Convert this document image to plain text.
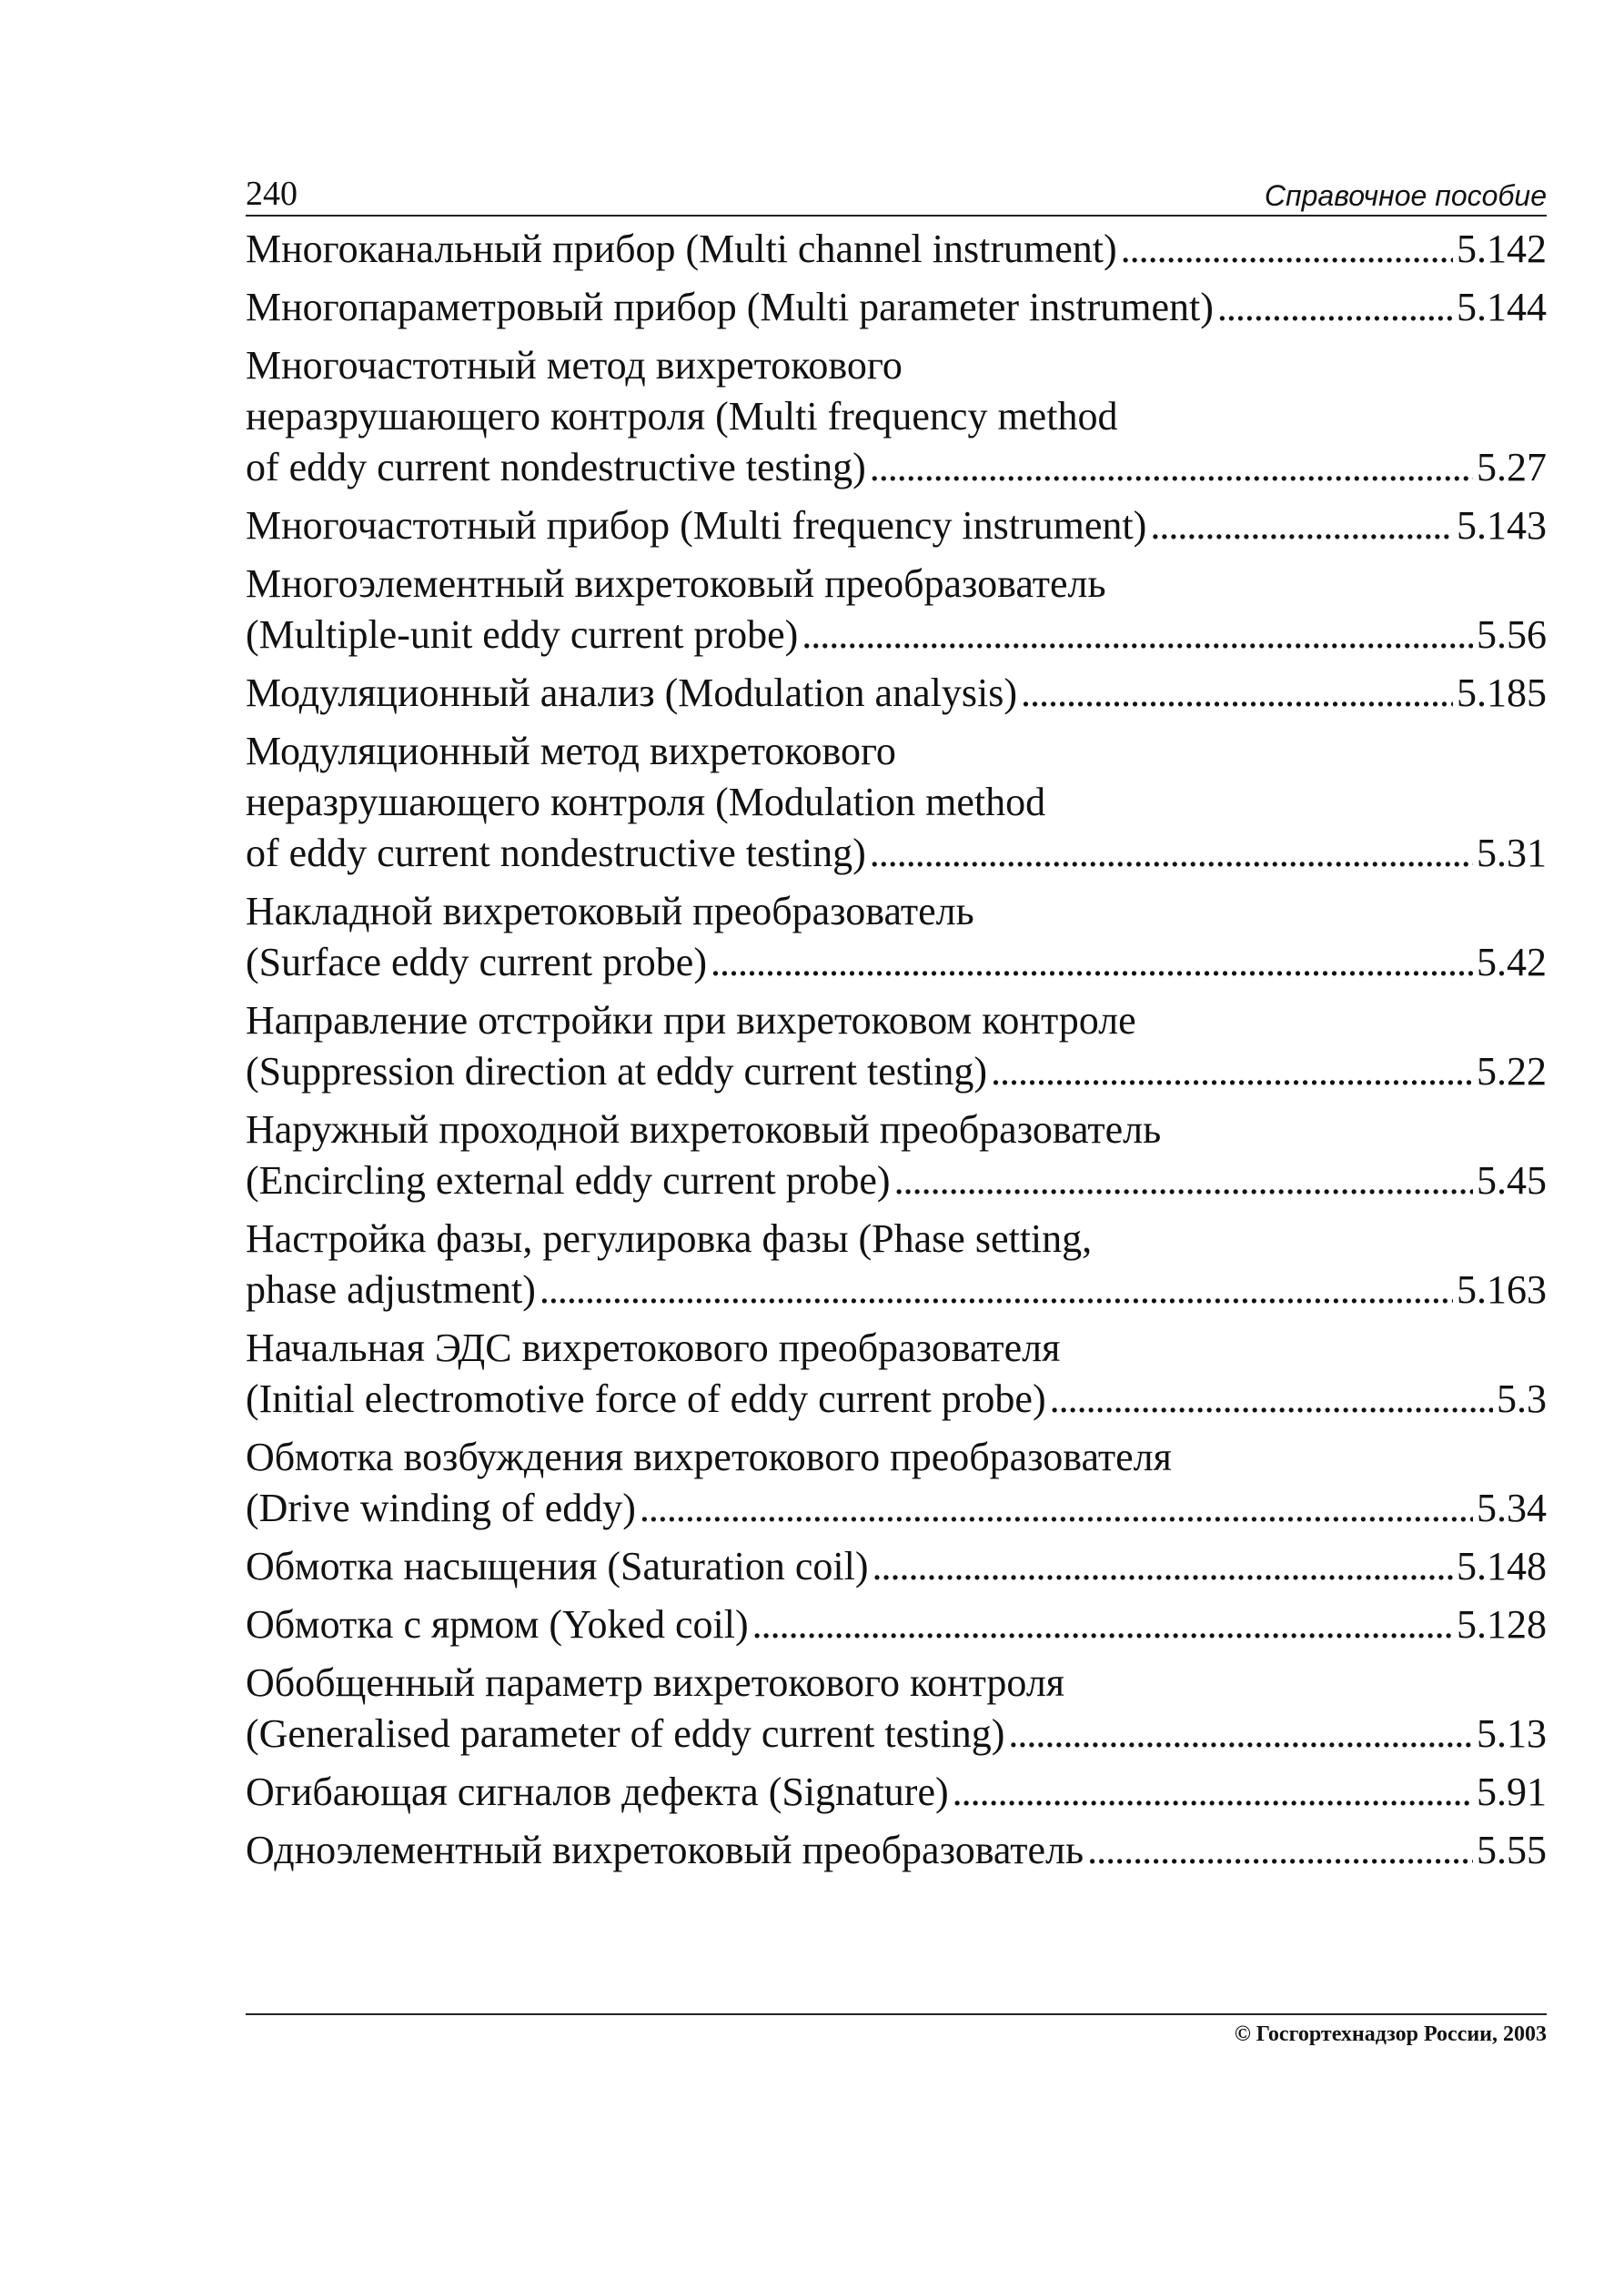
240	Справочное пособие
Многоканальный прибор (Multi channel instrument) . . .	5.142
Многопараметровый прибор (Multi parameter instrument) . . .	5.144
Многочастотный метод вихретокового
неразрушающего контроля (Multi frequency method
of eddy current nondestructive testing) . . .	5.27
Многочастотный прибор (Multi frequency instrument) . . .	5.143
Многоэлементный вихретоковый преобразователь
(Multiple-unit eddy current probe) . . .	5.56
Модуляционный анализ (Modulation analysis) . . .	5.185
Модуляционный метод вихретокового
неразрушающего контроля (Modulation method
of eddy current nondestructive testing) . . .	5.31
Накладной вихретоковый преобразователь
(Surface eddy current probe) . . .	5.42
Направление отстройки при вихретоковом контроле
(Suppression direction at eddy current testing) . . .	5.22
Наружный проходной вихретоковый преобразователь
(Encircling external eddy current probe) . . .	5.45
Настройка фазы, регулировка фазы (Phase setting,
phase adjustment) . . .	5.163
Начальная ЭДС вихретокового преобразователя
(Initial electromotive force of eddy current probe) . . .	5.3
Обмотка возбуждения вихретокового преобразователя
(Drive winding of eddy) . . .	5.34
Обмотка насыщения (Saturation coil) . . .	5.148
Обмотка с ярмом (Yoked coil) . . .	5.128
Обобщенный параметр вихретокового контроля
(Generalised parameter of eddy current testing) . . .	5.13
Огибающая сигналов дефекта (Signature) . . .	5.91
Одноэлементный вихретоковый преобразователь . . .	5.55
© Госгортехнадзор России, 2003
